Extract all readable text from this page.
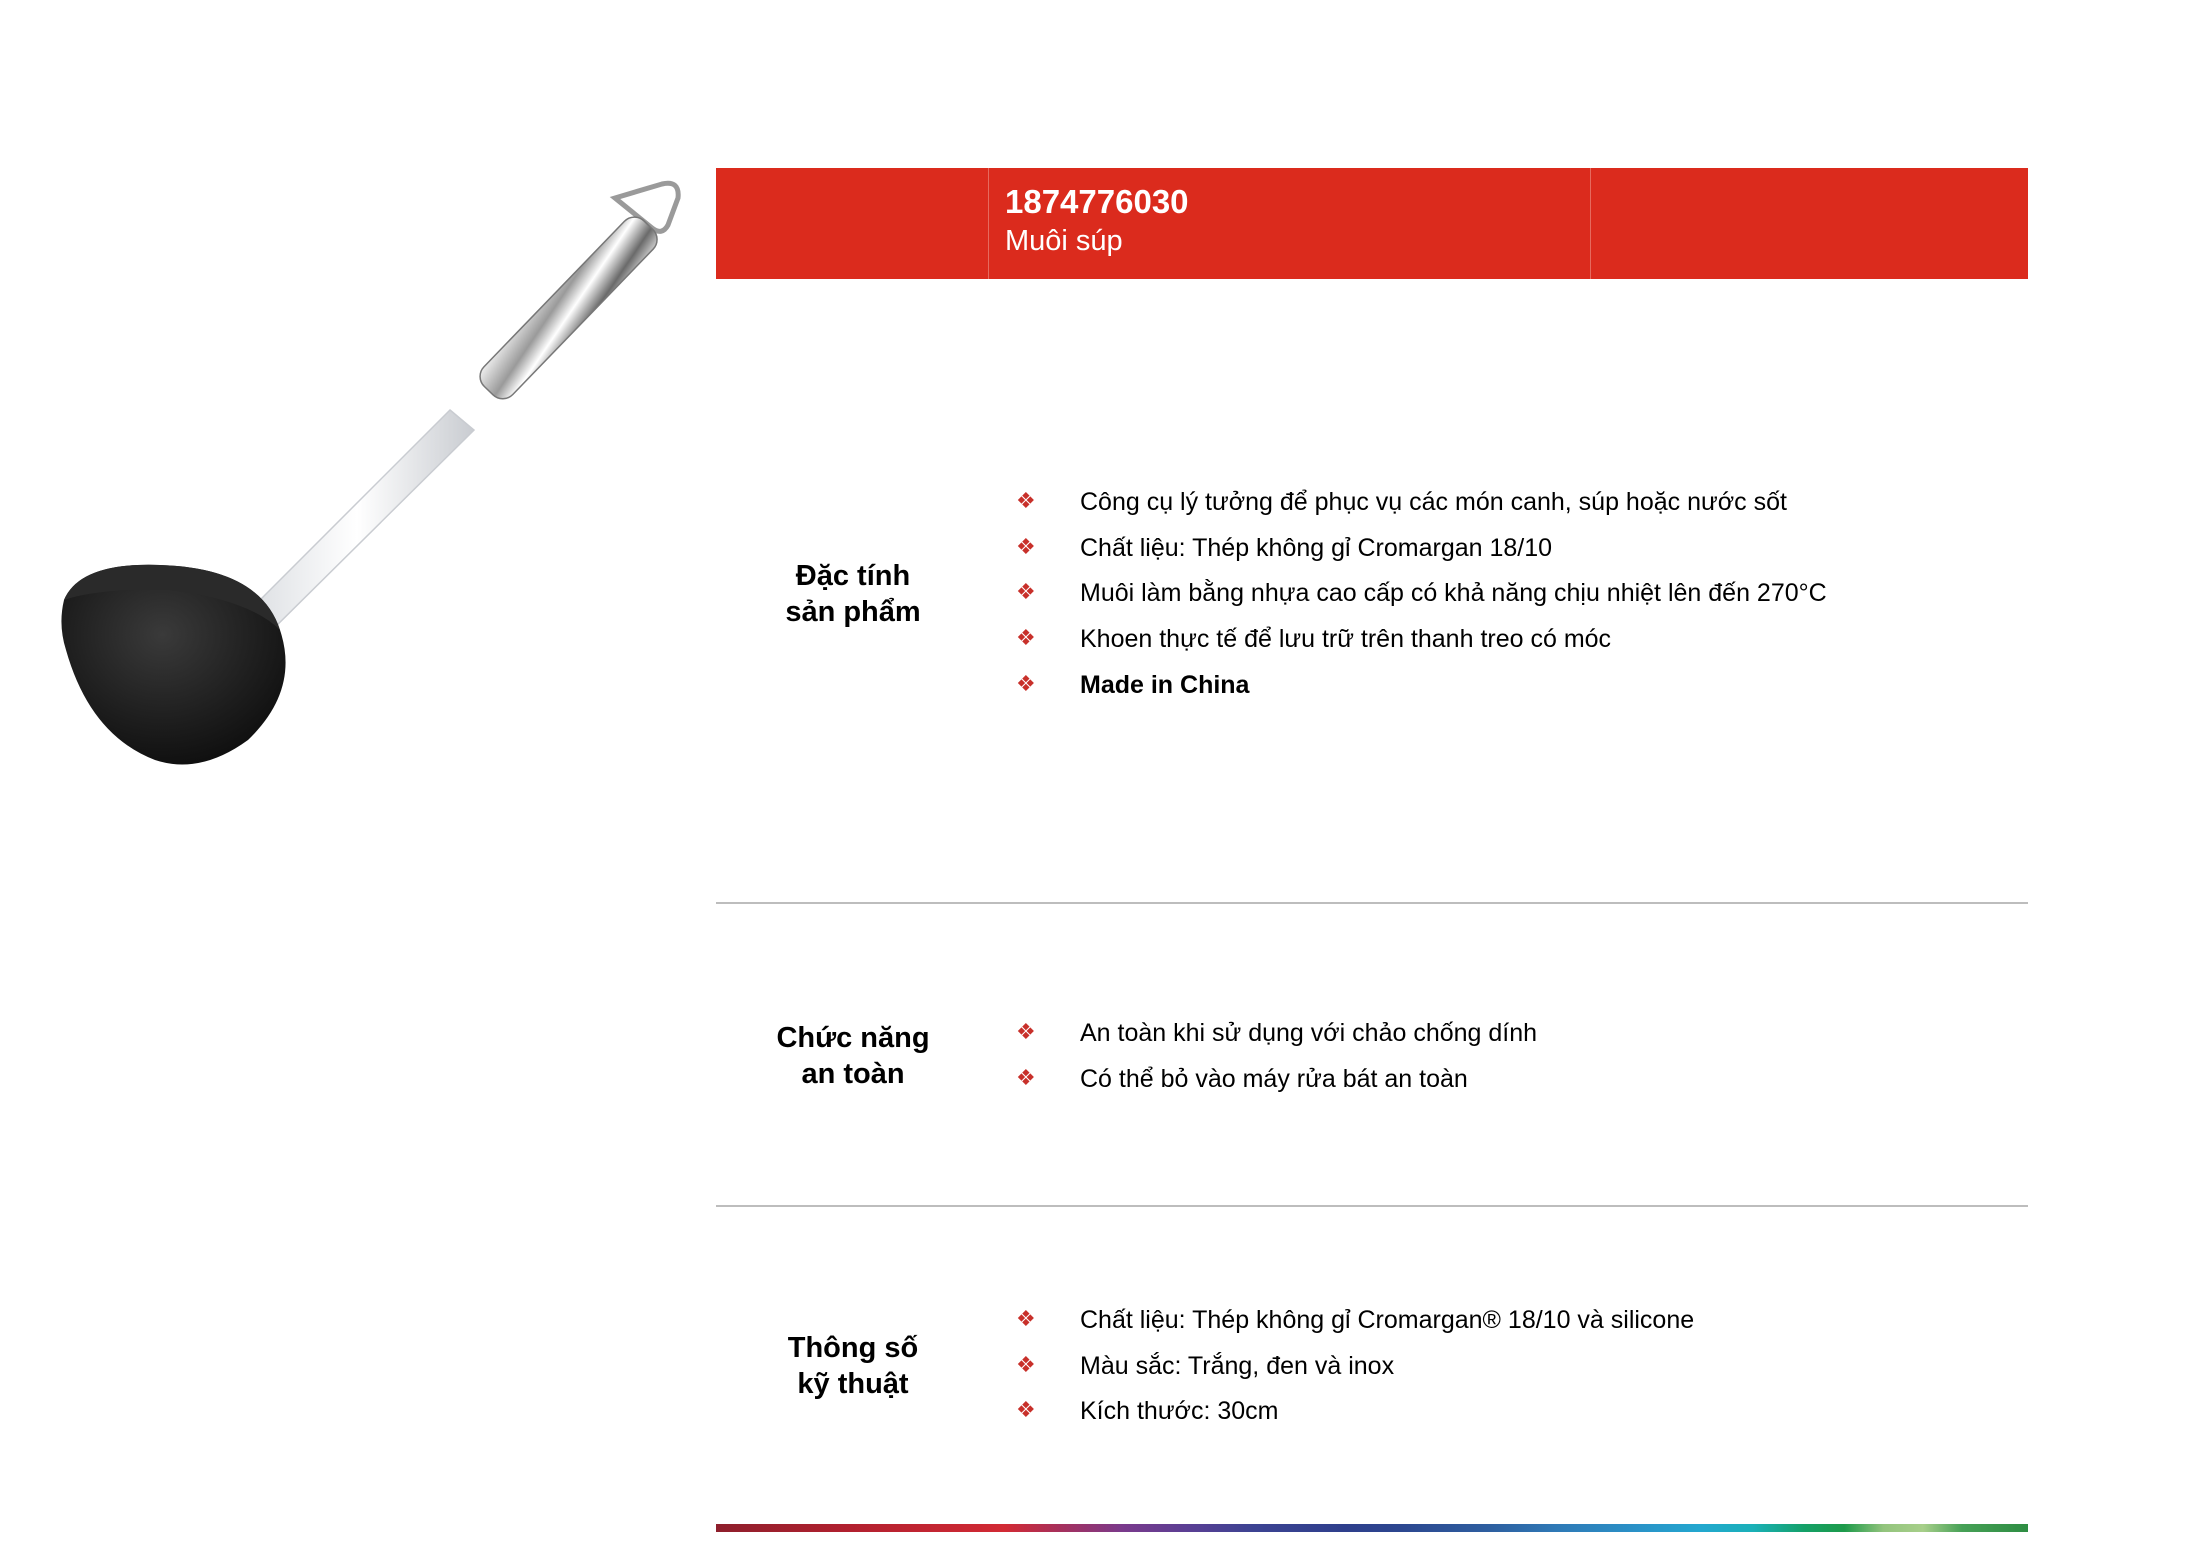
1874776030
Muôi súp
Đặc tính
sản phẩm
❖ Công cụ lý tưởng để phục vụ các món canh, súp hoặc nước sốt
❖ Chất liệu: Thép không gỉ Cromargan 18/10
❖ Muôi làm bằng nhựa cao cấp có khả năng chịu nhiệt lên đến 270°C
❖ Khoen thực tế để lưu trữ trên thanh treo có móc
❖ Made in China
Chức năng
an toàn
❖ An toàn khi sử dụng với chảo chống dính
❖ Có thể bỏ vào máy rửa bát an toàn
Thông số
kỹ thuật
❖ Chất liệu: Thép không gỉ Cromargan® 18/10 và silicone
❖ Màu sắc: Trắng, đen và inox
❖ Kích thước: 30cm
